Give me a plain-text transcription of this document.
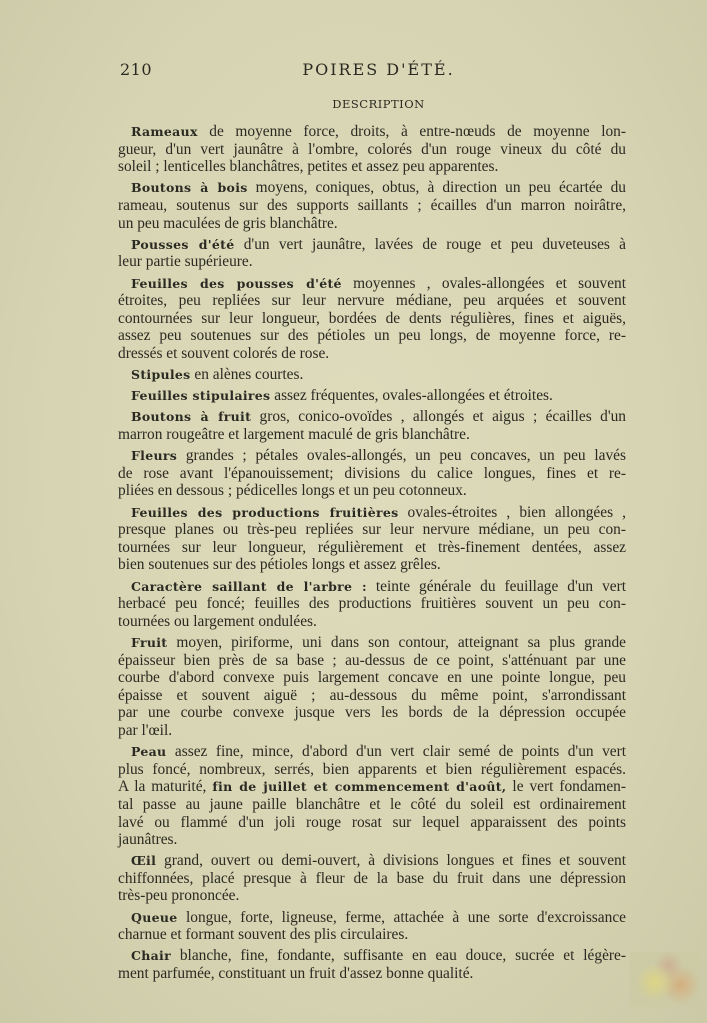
210	POIRES D'ÉTÉ.
DESCRIPTION
Rameaux de moyenne force, droits, à entre-nœuds de moyenne lon-
gueur, d'un vert jaunâtre à l'ombre, colorés d'un rouge vineux du côté du
soleil ; lenticelles blanchâtres, petites et assez peu apparentes.
Boutons à bois moyens, coniques, obtus, à direction un peu écartée du
rameau, soutenus sur des supports saillants ; écailles d'un marron noirâtre,
un peu maculées de gris blanchâtre.
Pousses d'été d'un vert jaunâtre, lavées de rouge et peu duveteuses à
leur partie supérieure.
Feuilles des pousses d'été moyennes , ovales-allongées et souvent
étroites, peu repliées sur leur nervure médiane, peu arquées et souvent
contournées sur leur longueur, bordées de dents régulières, fines et aiguës,
assez peu soutenues sur des pétioles un peu longs, de moyenne force, re-
dressés et souvent colorés de rose.
Stipules en alènes courtes.
Feuilles stipulaires assez fréquentes, ovales-allongées et étroites.
Boutons à fruit gros, conico-ovoïdes , allongés et aigus ; écailles d'un
marron rougeâtre et largement maculé de gris blanchâtre.
Fleurs grandes ; pétales ovales-allongés, un peu concaves, un peu lavés
de rose avant l'épanouissement; divisions du calice longues, fines et re-
pliées en dessous ; pédicelles longs et un peu cotonneux.
Feuilles des productions fruitières ovales-étroites , bien allongées ,
presque planes ou très-peu repliées sur leur nervure médiane, un peu con-
tournées sur leur longueur, régulièrement et très-finement dentées, assez
bien soutenues sur des pétioles longs et assez grêles.
Caractère saillant de l'arbre : teinte générale du feuillage d'un vert
herbacé peu foncé; feuilles des productions fruitières souvent un peu con-
tournées ou largement ondulées.
Fruit moyen, piriforme, uni dans son contour, atteignant sa plus grande
épaisseur bien près de sa base ; au-dessus de ce point, s'atténuant par une
courbe d'abord convexe puis largement concave en une pointe longue, peu
épaisse et souvent aiguë ; au-dessous du même point, s'arrondissant
par une courbe convexe jusque vers les bords de la dépression occupée
par l'œil.
Peau assez fine, mince, d'abord d'un vert clair semé de points d'un vert
plus foncé, nombreux, serrés, bien apparents et bien régulièrement espacés.
A la maturité, fin de juillet et commencement d'août, le vert fondamen-
tal passe au jaune paille blanchâtre et le côté du soleil est ordinairement
lavé ou flammé d'un joli rouge rosat sur lequel apparaissent des points
jaunâtres.
Œil grand, ouvert ou demi-ouvert, à divisions longues et fines et souvent
chiffonnées, placé presque à fleur de la base du fruit dans une dépression
très-peu prononcée.
Queue longue, forte, ligneuse, ferme, attachée à une sorte d'excroissance
charnue et formant souvent des plis circulaires.
Chair blanche, fine, fondante, suffisante en eau douce, sucrée et légère-
ment parfumée, constituant un fruit d'assez bonne qualité.
